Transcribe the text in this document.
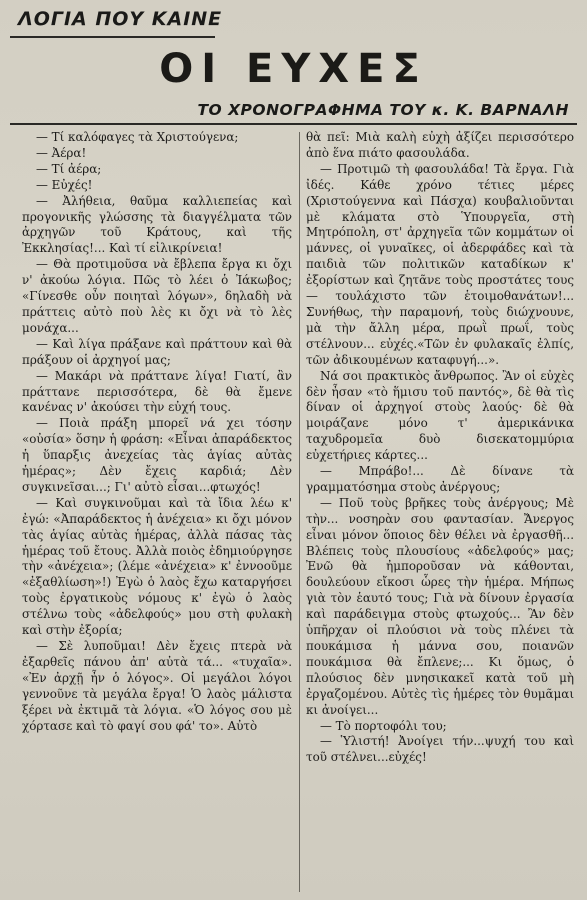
ΛΟΓΙΑ ΠΟΥ ΚΑΙΝΕ
ΟΙ ΕΥΧΕΣ
ΤΟ ΧΡΟΝΟΓΡΑΦΗΜΑ ΤΟΥ κ. Κ. ΒΑΡΝΑΛΗ

— Τί καλόφαγες τὰ Χριστούγενα;

— Ἀέρα!

— Τί ἀέρα;

— Εὐχές!

— Ἀλήθεια, θαῦμα καλλιεπείας καὶ προγονικῆς γλώσσης τὰ διαγγέλματα τῶν ἀρχηγῶν τοῦ Κράτους, καὶ τῆς Ἐκκλησίας!... Καὶ τί εἰλικρίνεια!

— Θὰ προτιμοῦσα νὰ ἔβλεπα ἔργα κι ὄχι ν' ἀκούω λόγια. Πῶς τὸ λέει ὁ Ἰάκωβος; «Γίνεσθε οὖν ποιηταὶ λόγων», δηλαδὴ νὰ πράττεις αὐτὸ ποὺ λὲς κι ὄχι νὰ τὸ λὲς μονάχα...

— Καὶ λίγα πράξανε καὶ πράττουν καὶ θὰ πράξουν οἱ ἀρχηγοί μας;

— Μακάρι νὰ πράττανε λίγα! Γιατί, ἂν πράττανε περισσότερα, δὲ θὰ ἔμενε κανένας ν' ἀκούσει τὴν εὐχή τους.

— Ποιὰ πράξη μπορεῖ νά χει τόσην «οὐσία» ὅσην ἡ φράση: «Εἶναι ἀπαράδεκτος ἡ ὕπαρξις ἀνεχείας τὰς ἁγίας αὐτὰς ἡμέρας»; Δὲν ἔχεις καρδιά; Δὲν συγκινεῖσαι...; Γι' αὐτὸ εἶσαι...φτωχός!

— Καὶ συγκινοῦμαι καὶ τὰ ἴδια λέω κ' ἐγώ: «Ἀπαράδεκτος ἡ ἀνέχεια» κι ὄχι μόνον τὰς ἁγίας αὐτὰς ἡμέρας, ἀλλὰ πάσας τὰς ἡμέρας τοῦ ἔτους. Ἀλλὰ ποιὸς ἐδημιούργησε τὴν «ἀνέχεια»; (λέμε «ἀνέχεια» κ' ἐννοοῦμε «ἐξαθλίωση»!) Ἐγὼ ὁ λαὸς ἔχω καταργήσει τοὺς ἐργατικοὺς νόμους κ' ἐγὼ ὁ λαὸς στέλνω τοὺς «ἀδελφούς» μου στὴ φυλακὴ καὶ στὴν ἐξορία;

— Σὲ λυποῦμαι! Δὲν ἔχεις πτερὰ νὰ ἐξαρθεῖς πάνου ἀπ' αὐτὰ τά... «τυχαῖα». «Ἐν ἀρχῇ ἦν ὁ λόγος». Οἱ μεγάλοι λόγοι γεννοῦνε τὰ μεγάλα ἔργα! Ὁ λαὸς μάλιστα ξέρει νὰ ἐκτιμᾶ τὰ λόγια. «Ὁ λόγος σου μὲ χόρτασε καὶ τὸ φαγί σου φά' το». Αὐτὸ

θὰ πεῖ: Μιὰ καλὴ εὐχὴ ἀξίζει περισσότερο ἀπὸ ἕνα πιάτο φασουλάδα.

— Προτιμῶ τὴ φασουλάδα! Τὰ ἔργα. Γιὰ ἰδές. Κάθε χρόνο τέτιες μέρες (Χριστούγεννα καὶ Πάσχα) κουβαλιοῦνται μὲ κλάματα στὸ Ὑπουργεῖα, στὴ Μητρόπολη, στ' ἀρχηγεῖα τῶν κομμάτων οἱ μάννες, οἱ γυναῖκες, οἱ ἀδερφάδες καὶ τὰ παιδιὰ τῶν πολιτικῶν καταδίκων κ' ἐξορίστων καὶ ζητᾶνε τοὺς προστάτες τους — τουλάχιστο τῶν ἑτοιμοθανάτων!... Συνήθως, τὴν παραμονή, τοὺς διώχνουνε, μὰ τὴν ἄλλη μέρα, πρωῒ πρωΐ, τοὺς στέλνουν... εὐχές.«Τῶν ἐν φυλακαῖς ἐλπίς, τῶν ἀδικουμένων καταφυγή...».

Νά σοι πρακτικὸς ἄνθρωπος. Ἂν οἱ εὐχὲς δὲν ἦσαν «τὸ ἥμισυ τοῦ παντός», δὲ θὰ τὶς δίναν οἱ ἀρχηγοί στοὺς λαούς· δὲ θὰ μοιράζανε μόνο τ' ἀμερικάνικα ταχυδρομεῖα δυὸ δισεκατομμύρια εὐχετήριες κάρτες...

— Μπράβο!... Δὲ δίνανε τὰ γραμματόσημα στοὺς ἀνέργους;

— Ποῦ τοὺς βρῆκες τοὺς ἀνέργους; Μὲ τὴν... νοσηρὰν σου φαντασίαν. Ἄνεργος εἶναι μόνον ὅποιος δὲν θέλει νὰ ἐργασθῆ... Βλέπεις τοὺς πλουσίους «ἀδελφούς» μας; Ἐνῶ θὰ ἠμποροῦσαν νὰ κάθονται, δουλεύουν εἴκοσι ὧρες τὴν ἡμέρα. Μήπως γιὰ τὸν ἑαυτό τους; Γιὰ νὰ δίνουν ἐργασία καὶ παράδειγμα στοὺς φτωχούς... Ἂν δὲν ὑπῆρχαν οἱ πλούσιοι νὰ τοὺς πλένει τὰ πουκάμισα ἡ μάννα σου, ποιανῶν πουκάμισα θὰ ἔπλενε;... Κι ὅμως, ὁ πλούσιος δὲν μνησικακεῖ κατὰ τοῦ μὴ ἐργαζομένου. Αὐτὲς τὶς ἡμέρες τὸν θυμᾶμαι κι ἀνοίγει...

— Τὸ πορτοφόλι του;

— Ὑλιστή! Ἀνοίγει τήν...ψυχή του καὶ τοῦ στέλνει...εὐχές!
